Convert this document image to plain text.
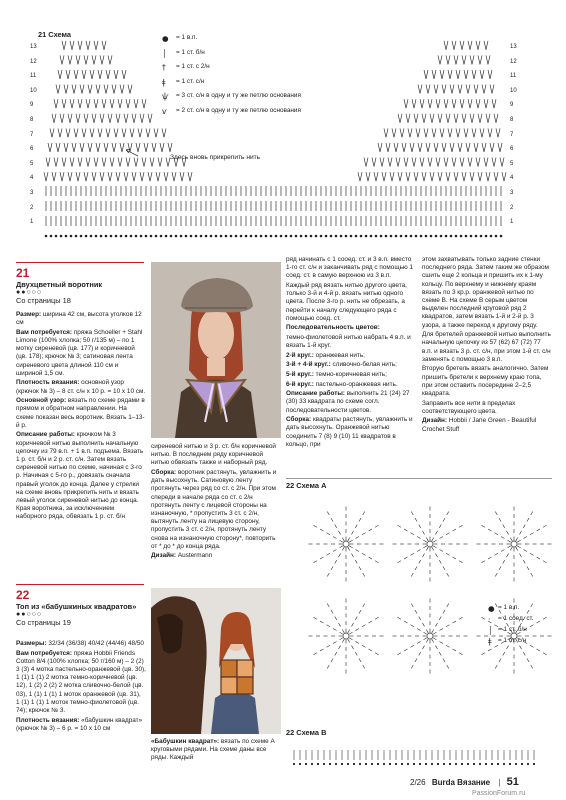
21 Схема
13
12
11
10
9
8
7
6
5
4
3
2
1
13
12
11
10
9
8
7
6
5
4
3
2
1
● = 1 в.п.
│ = 1 ст. б/н
† = 1 ст. с 2/н
ǂ = 1 ст. с/н
ѱ = 3 ст. с/н в одну и ту же петлю основания
ѵ = 2 ст. с/н в одну и ту же петлю основания
Здесь вновь прикрепить нить
21
Двухцветный воротник
●●○○○
Со страницы 18

Размер: ширина 42 см, высота уголков 12 см

Вам потребуется: пряжа Schoeller + Stahl Limone (100% хлопка; 50 г/135 м) – по 1 мотку сиреневой (цв. 177) и коричневой (цв. 178); крючок № 3; сатиновая лента сиреневого цвета длиной 110 см и шириной 1,5 см.

Плотность вязания: основной узор (крючок № 3) – 8 ст. с/н х 10 р. = 10 х 10 см.

Основной узор: вязать по схеме рядами в прямом и обратном направлении. На схеме показан весь воротник. Вязать 1–13-й р.

Описание работы: крючком № 3 коричневой нитью выполнить начальную цепочку из 79 в.п. + 1 в.п. подъема. Вязать 1 р. ст. б/н и 2 р. ст. с/н. Затем вязать сиреневой нитью по схеме, начиная с 3-го р. Начиная с 5-го р., довязать сначала правый уголок до конца. Далее у стрелки на схеме вновь прикрепить нить и вязать левый уголок сиреневой нитью до конца. Края воротника, за исключением наборного ряда, обвязать 1 р. ст. б/н

сиреневой нитью и 3 р. ст. б/н коричневой нитью. В последнем ряду коричневой нитью обвязать также и наборный ряд.

Сборка: воротник растянуть, увлажнить и дать высохнуть. Сатиновую ленту протянуть через ряд со ст. с 2/н. При этом спереди в начале ряда со ст. с 2/н протянуть ленту с лицевой стороны на изнаночную, * пропустить 3 ст. с 2/н, вытянуть ленту на лицевую сторону, пропустить 3 ст. с 2/н, протянуть ленту снова на изнаночную сторону*, повторить от * до * до конца ряда.

Дизайн: Austermann

22
Топ из «бабушкиных квадратов»
●●○○○
Со страницы 19

Размеры: 32/34 (36/38) 40/42 (44/46) 48/50

Вам потребуется: пряжа Hobbii Friends Cotton 8/4 (100% хлопка; 50 г/160 м) – 2 (2) 3 (3) 4 мотка пастельно-оранжевой (цв. 30), 1 (1) 1 (1) 2 мотка темно-коричневой (цв. 12), 1 (2) 2 (2) 2 мотка сливочно-белой (цв. 03), 1 (1) 1 (1) 1 моток оранжевой (цв. 31), 1 (1) 1 (1) 1 моток темно-фиолетовой (цв. 74); крючок № 3.

Плотность вязания: «бабушкин квадрат» (крючок № 3) – 6 р. = 10 х 10 см

«Бабушкин квадрат»: вязать по схеме А круговыми рядами. На схеме даны все ряды. Каждый

ряд начинать с 1 сооед. ст. и 3 в.п. вместо 1-го ст. с/н и заканчивать ряд с помощью 1 соед. ст. в самую верхнюю из 3 в.п.

Каждый ряд вязать нитью другого цвета, только 3-й и 4-й р. вязать нитью одного цвета. После 3-го р. нить не обрезать, а перейти к началу следующего ряда с помощью соед. ст.

Последовательность цветов:

темно-фиолетовой нитью набрать 4 в.п. и вязать 1-й круг.

2-й круг.: оранжевая нить;

3-й + 4-й круг.: сливочно-белая нить;

5-й круг.: темно-коричневая нить;

6-й круг.: пастельно-оранжевая нить.

Описание работы: выполнить 21 (24) 27 (30) 33 квадрата по схеме согл. последовательности цветов.

Сборка: квадраты растянуть, увлажнить и дать высохнуть. Оранжевой нитью соединить 7 (8) 9 (10) 11 квадратов в кольцо, при

этом захватывать только задние стенки последнего ряда. Затем таким же образом сшить еще 2 кольца и пришить их к 1-му кольцу. По верхнему и нижнему краям вязать по 3 кр.р. оранжевой нитью по схеме В. На схеме В серым цветом выделен последний круговой ряд 2 квадратов, затем вязать 1-й и 2-й р. 3 узора, а также переход к другому ряду.

Для бретелей оранжевой нитью выполнить начальную цепочку из 57 (62) 67 (72) 77 в.п. и вязать 3 р. ст. с/н, при этом 1-й ст. с/н заменять с помощью 3 в.п.

Вторую бретель вязать аналогично. Затем пришить бретели к верхнему краю топа, при этом оставить посередине 2–2,5 квадрата.

Заправить все нити в пределах соответствующего цвета.

Дизайн: Hobbii / Jane Green - Beautiful Crochet Stuff

22 Схема А
● = 1 в.п.
· = 1 соед. ст.
│ = 1 ст. б/н
ǂ = 1 ст. с/н
22 Схема В
2/26 Burda Вязание | 51
PassionForum.ru
